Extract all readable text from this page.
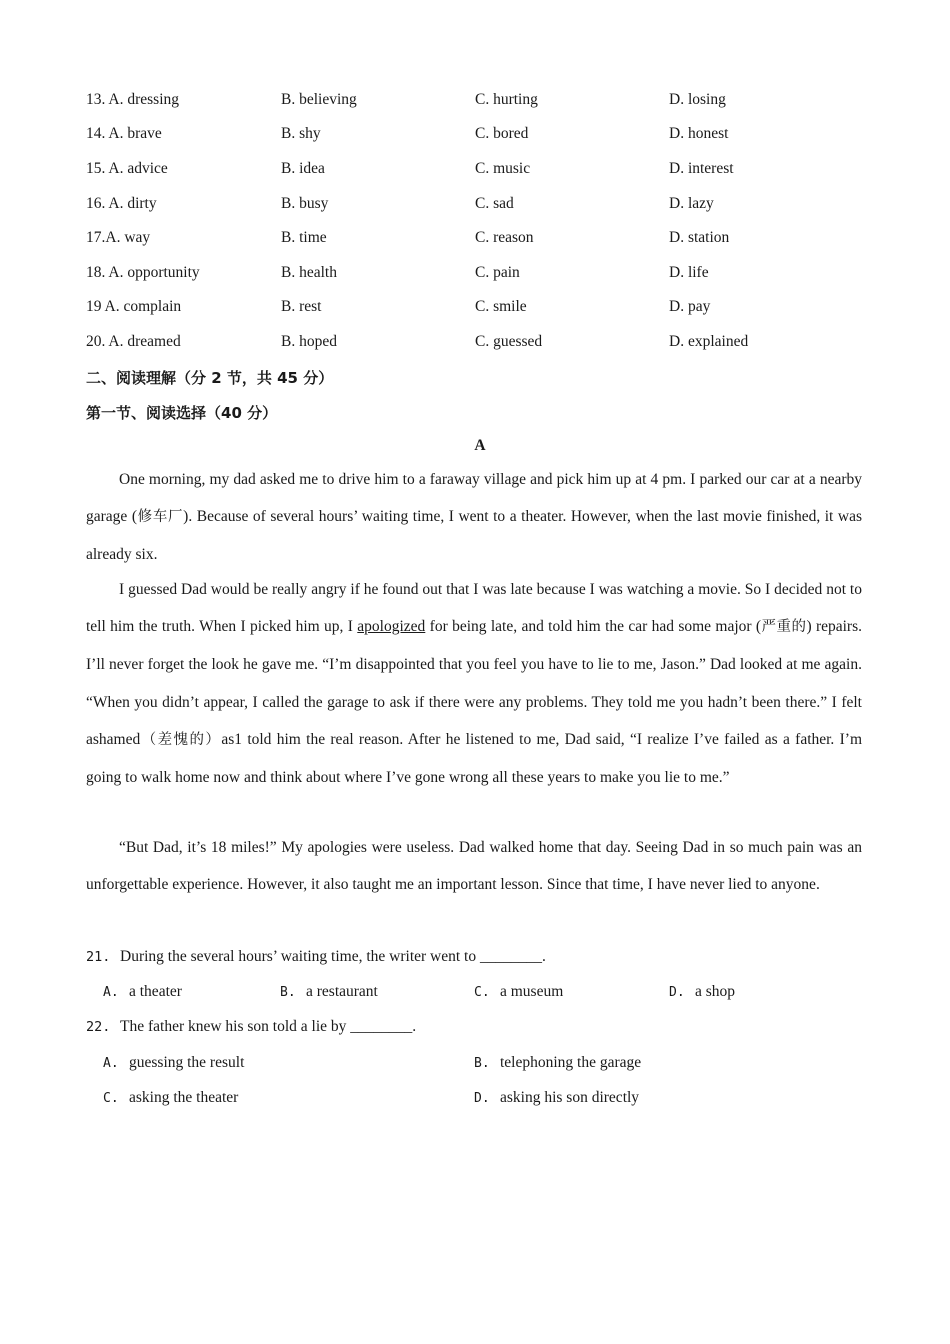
13. A. dressing	B. believing	C. hurting	D. losing
14. A. brave	B. shy	C. bored	D. honest
15. A. advice	B. idea	C. music	D. interest
16. A. dirty	B. busy	C. sad	D. lazy
17.A. way	B. time	C. reason	D. station
18. A. opportunity	B. health	C. pain	D. life
19 A. complain	B. rest	C. smile	D. pay
20. A. dreamed	B. hoped	C. guessed	D. explained
二、阅读理解（分 2 节，共 45 分）
第一节、阅读选择（40 分）
A
One morning, my dad asked me to drive him to a faraway village and pick him up at 4 pm. I parked our car at a nearby garage (修车厂). Because of several hours’ waiting time, I went to a theater. However, when the last movie finished, it was already six.
I guessed Dad would be really angry if he found out that I was late because I was watching a movie. So I decided not to tell him the truth. When I picked him up, I apologized for being late, and told him the car had some major (严重的) repairs. I’ll never forget the look he gave me. “I’m disappointed that you feel you have to lie to me, Jason.” Dad looked at me again. “When you didn’t appear, I called the garage to ask if there were any problems. They told me you hadn’t been there.” I felt ashamed（差愧的）as1 told him the real reason. After he listened to me, Dad said, “I realize I’ve failed as a father. I’m going to walk home now and think about where I’ve gone wrong all these years to make you lie to me.”
“But Dad, it’s 18 miles!” My apologies were useless. Dad walked home that day. Seeing Dad in so much pain was an unforgettable experience. However, it also taught me an important lesson. Since that time, I have never lied to anyone.
21. During the several hours’ waiting time, the writer went to ________.
A. a theater	B. a restaurant	C. a museum	D. a shop
22. The father knew his son told a lie by ________.
A. guessing the result	B. telephoning the garage
C. asking the theater	D. asking his son directly
